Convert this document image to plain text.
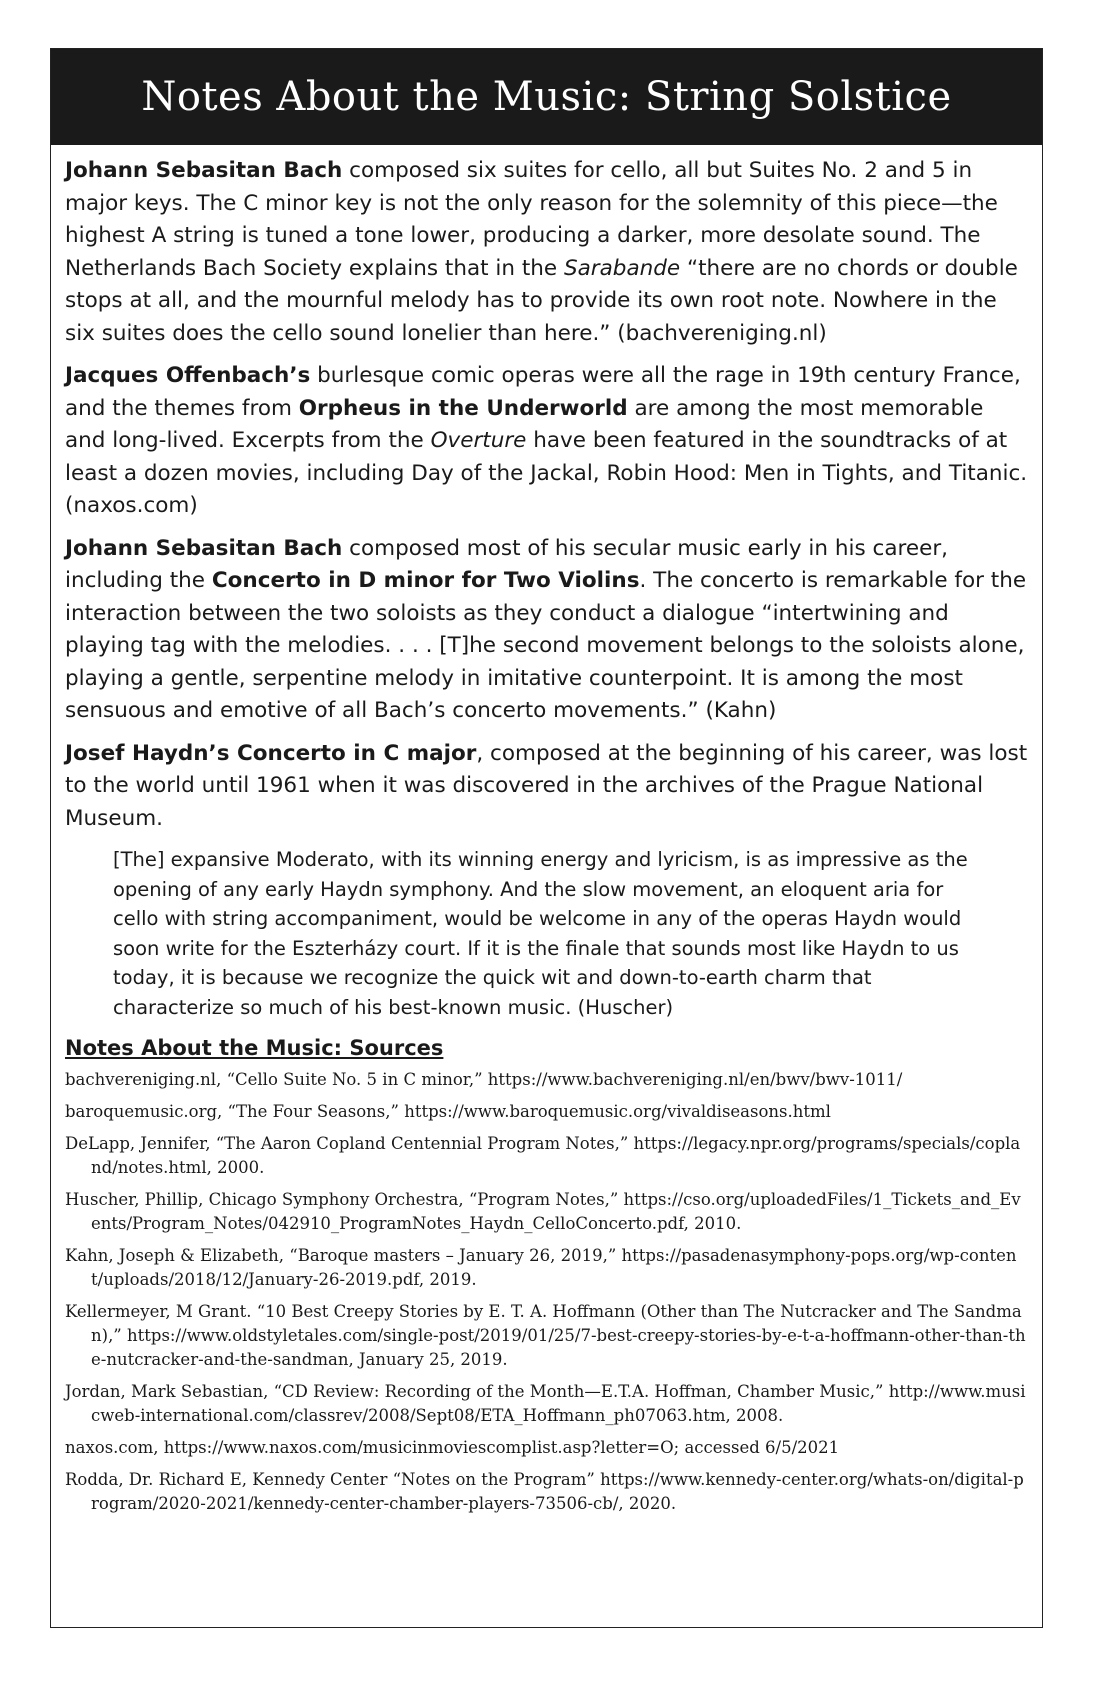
Notes About the Music: String Solstice

Johann Sebasitan Bach composed six suites for cello, all but Suites No. 2 and 5 in major keys. The C minor key is not the only reason for the solemnity of this piece—the highest A string is tuned a tone lower, producing a darker, more desolate sound. The Netherlands Bach Society explains that in the Sarabande “there are no chords or double stops at all, and the mournful melody has to provide its own root note. Nowhere in the six suites does the cello sound lonelier than here.” (bachvereniging.nl)

Jacques Offenbach’s burlesque comic operas were all the rage in 19th century France, and the themes from Orpheus in the Underworld are among the most memorable and long-lived. Excerpts from the Overture have been featured in the soundtracks of at least a dozen movies, including Day of the Jackal, Robin Hood: Men in Tights, and Titanic. (naxos.com)

Johann Sebasitan Bach composed most of his secular music early in his career, including the Concerto in D minor for Two Violins. The concerto is remarkable for the interaction between the two soloists as they conduct a dialogue “intertwining and playing tag with the melodies. . . . [T]he second movement belongs to the soloists alone, playing a gentle, serpentine melody in imitative counterpoint. It is among the most sensuous and emotive of all Bach’s concerto movements.” (Kahn)

Josef Haydn’s Concerto in C major, composed at the beginning of his career, was lost to the world until 1961 when it was discovered in the archives of the Prague National Museum.

[The] expansive Moderato, with its winning energy and lyricism, is as impressive as the opening of any early Haydn symphony. And the slow movement, an eloquent aria for cello with string accompaniment, would be welcome in any of the operas Haydn would soon write for the Eszterházy court. If it is the finale that sounds most like Haydn to us today, it is because we recognize the quick wit and down-to-earth charm that characterize so much of his best-known music. (Huscher)

Notes About the Music: Sources

bachvereniging.nl, “Cello Suite No. 5 in C minor,” https://www.bachvereniging.nl/en/bwv/bwv-1011/

baroquemusic.org, “The Four Seasons,” https://www.baroquemusic.org/vivaldiseasons.html

DeLapp, Jennifer, “The Aaron Copland Centennial Program Notes,” https://legacy.npr.org/programs/specials/copland/notes.html, 2000.

Huscher, Phillip, Chicago Symphony Orchestra, “Program Notes,” https://cso.org/uploadedFiles/1_Tickets_and_Events/Program_Notes/042910_ProgramNotes_Haydn_CelloConcerto.pdf, 2010.

Kahn, Joseph & Elizabeth, “Baroque masters – January 26, 2019,” https://pasadenasymphony-pops.org/wp-content/uploads/2018/12/January-26-2019.pdf, 2019.

Kellermeyer, M Grant. “10 Best Creepy Stories by E. T. A. Hoffmann (Other than The Nutcracker and The Sandman),” https://www.oldstyletales.com/single-post/2019/01/25/7-best-creepy-stories-by-e-t-a-hoffmann-other-than-the-nutcracker-and-the-sandman, January 25, 2019.

Jordan, Mark Sebastian, “CD Review: Recording of the Month—E.T.A. Hoffman, Chamber Music,” http://www.musicweb-international.com/classrev/2008/Sept08/ETA_Hoffmann_ph07063.htm, 2008.

naxos.com, https://www.naxos.com/musicinmoviescomplist.asp?letter=O; accessed 6/5/2021

Rodda, Dr. Richard E, Kennedy Center “Notes on the Program” https://www.kennedy-center.org/whats-on/digital-program/2020-2021/kennedy-center-chamber-players-73506-cb/, 2020.
